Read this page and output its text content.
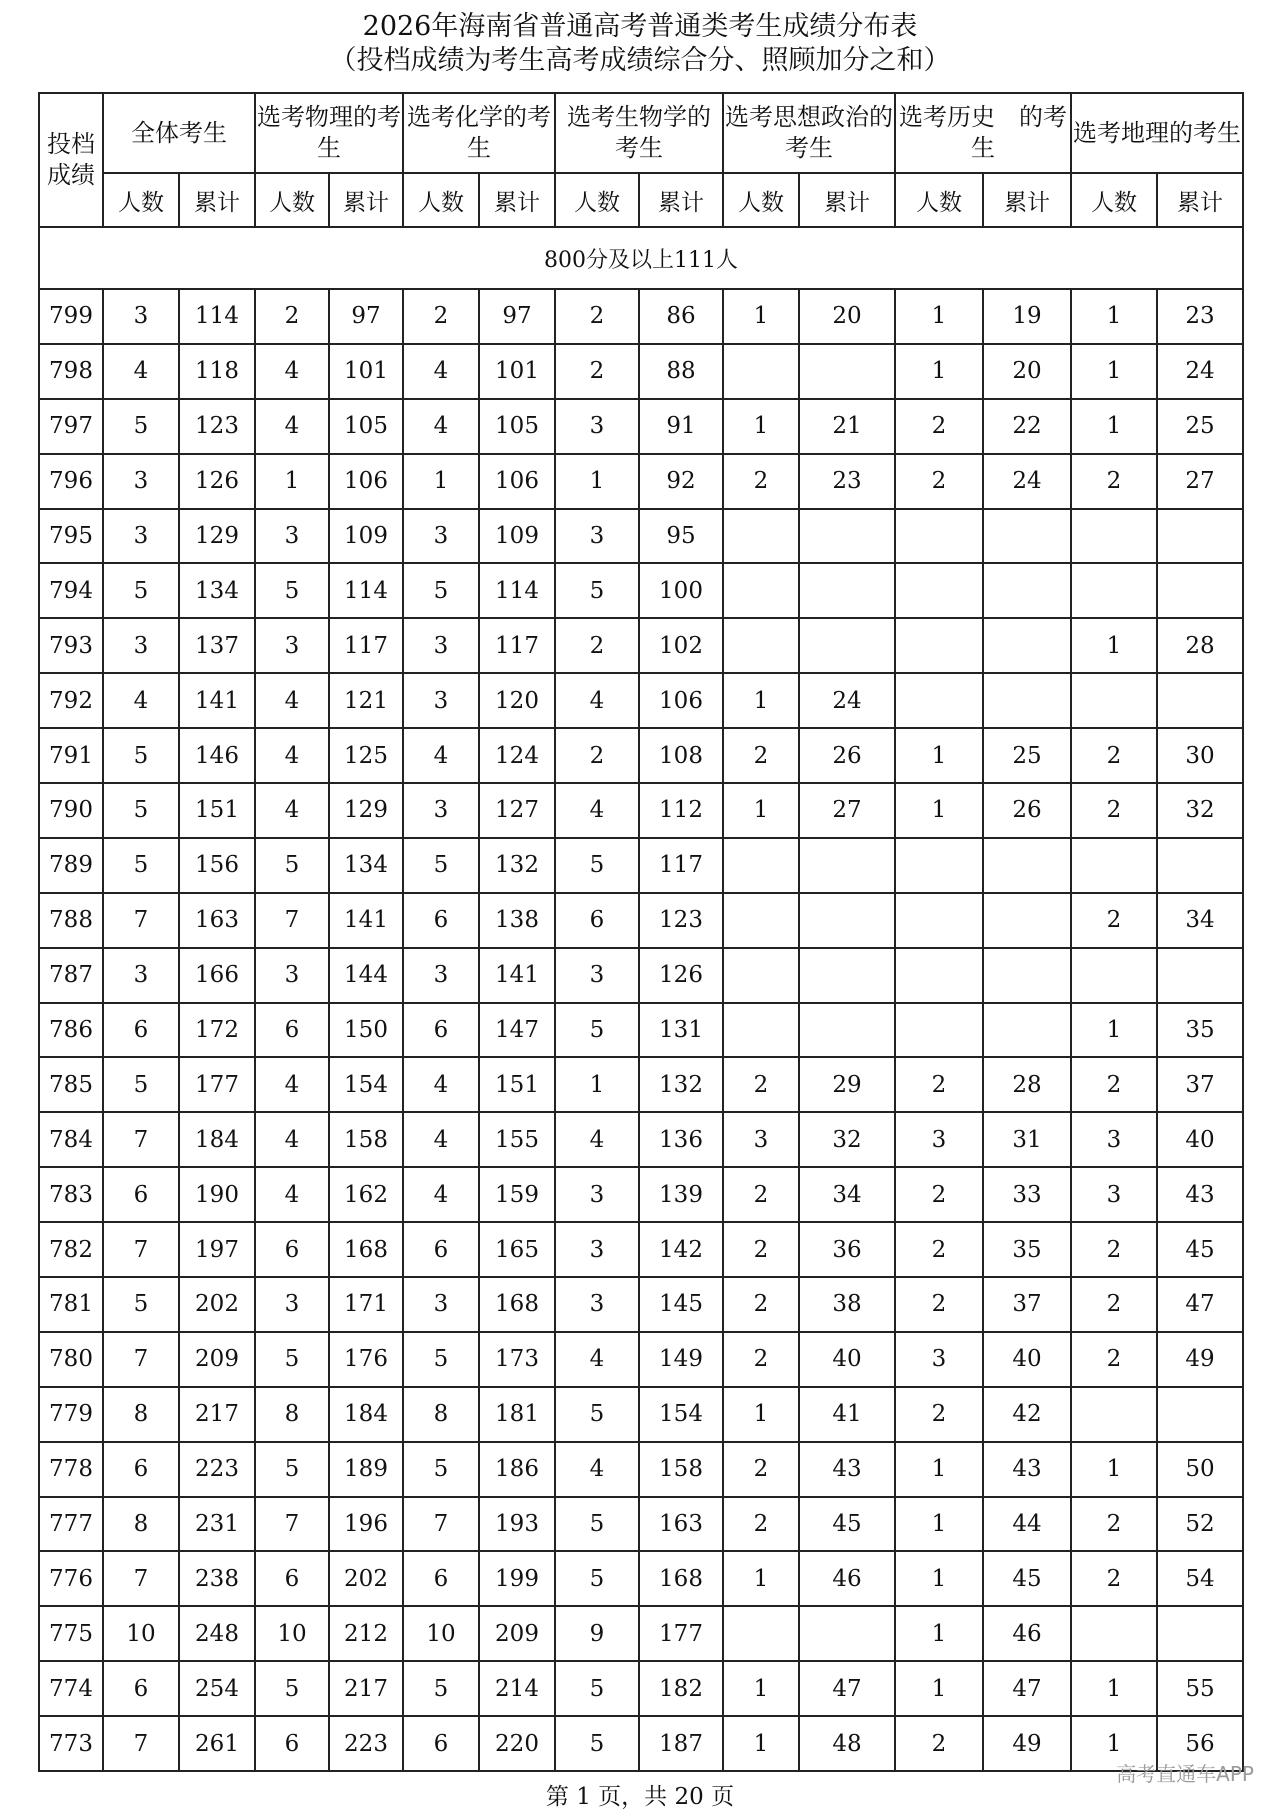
2026年海南省普通高考普通类考生成绩分布表
（投档成绩为考生高考成绩综合分、照顾加分之和）
投档成绩	全体考生		选考物理的考生		选考化学的考生		选考生物学的考生		选考思想政治的考生		选考历史　的考生		选考地理的考生	
	人数	累计	人数	累计	人数	累计	人数	累计	人数	累计	人数	累计	人数	累计
800分及以上111人														
799	3	114	2	97	2	97	2	86	1	20	1	19	1	23
798	4	118	4	101	4	101	2	88			1	20	1	24
797	5	123	4	105	4	105	3	91	1	21	2	22	1	25
796	3	126	1	106	1	106	1	92	2	23	2	24	2	27
795	3	129	3	109	3	109	3	95						
794	5	134	5	114	5	114	5	100						
793	3	137	3	117	3	117	2	102					1	28
792	4	141	4	121	3	120	4	106	1	24				
791	5	146	4	125	4	124	2	108	2	26	1	25	2	30
790	5	151	4	129	3	127	4	112	1	27	1	26	2	32
789	5	156	5	134	5	132	5	117						
788	7	163	7	141	6	138	6	123					2	34
787	3	166	3	144	3	141	3	126						
786	6	172	6	150	6	147	5	131					1	35
785	5	177	4	154	4	151	1	132	2	29	2	28	2	37
784	7	184	4	158	4	155	4	136	3	32	3	31	3	40
783	6	190	4	162	4	159	3	139	2	34	2	33	3	43
782	7	197	6	168	6	165	3	142	2	36	2	35	2	45
781	5	202	3	171	3	168	3	145	2	38	2	37	2	47
780	7	209	5	176	5	173	4	149	2	40	3	40	2	49
779	8	217	8	184	8	181	5	154	1	41	2	42		
778	6	223	5	189	5	186	4	158	2	43	1	43	1	50
777	8	231	7	196	7	193	5	163	2	45	1	44	2	52
776	7	238	6	202	6	199	5	168	1	46	1	45	2	54
775	10	248	10	212	10	209	9	177			1	46		
774	6	254	5	217	5	214	5	182	1	47	1	47	1	55
773	7	261	6	223	6	220	5	187	1	48	2	49	1	56
第 1 页，共 20 页
高考直通车APP
